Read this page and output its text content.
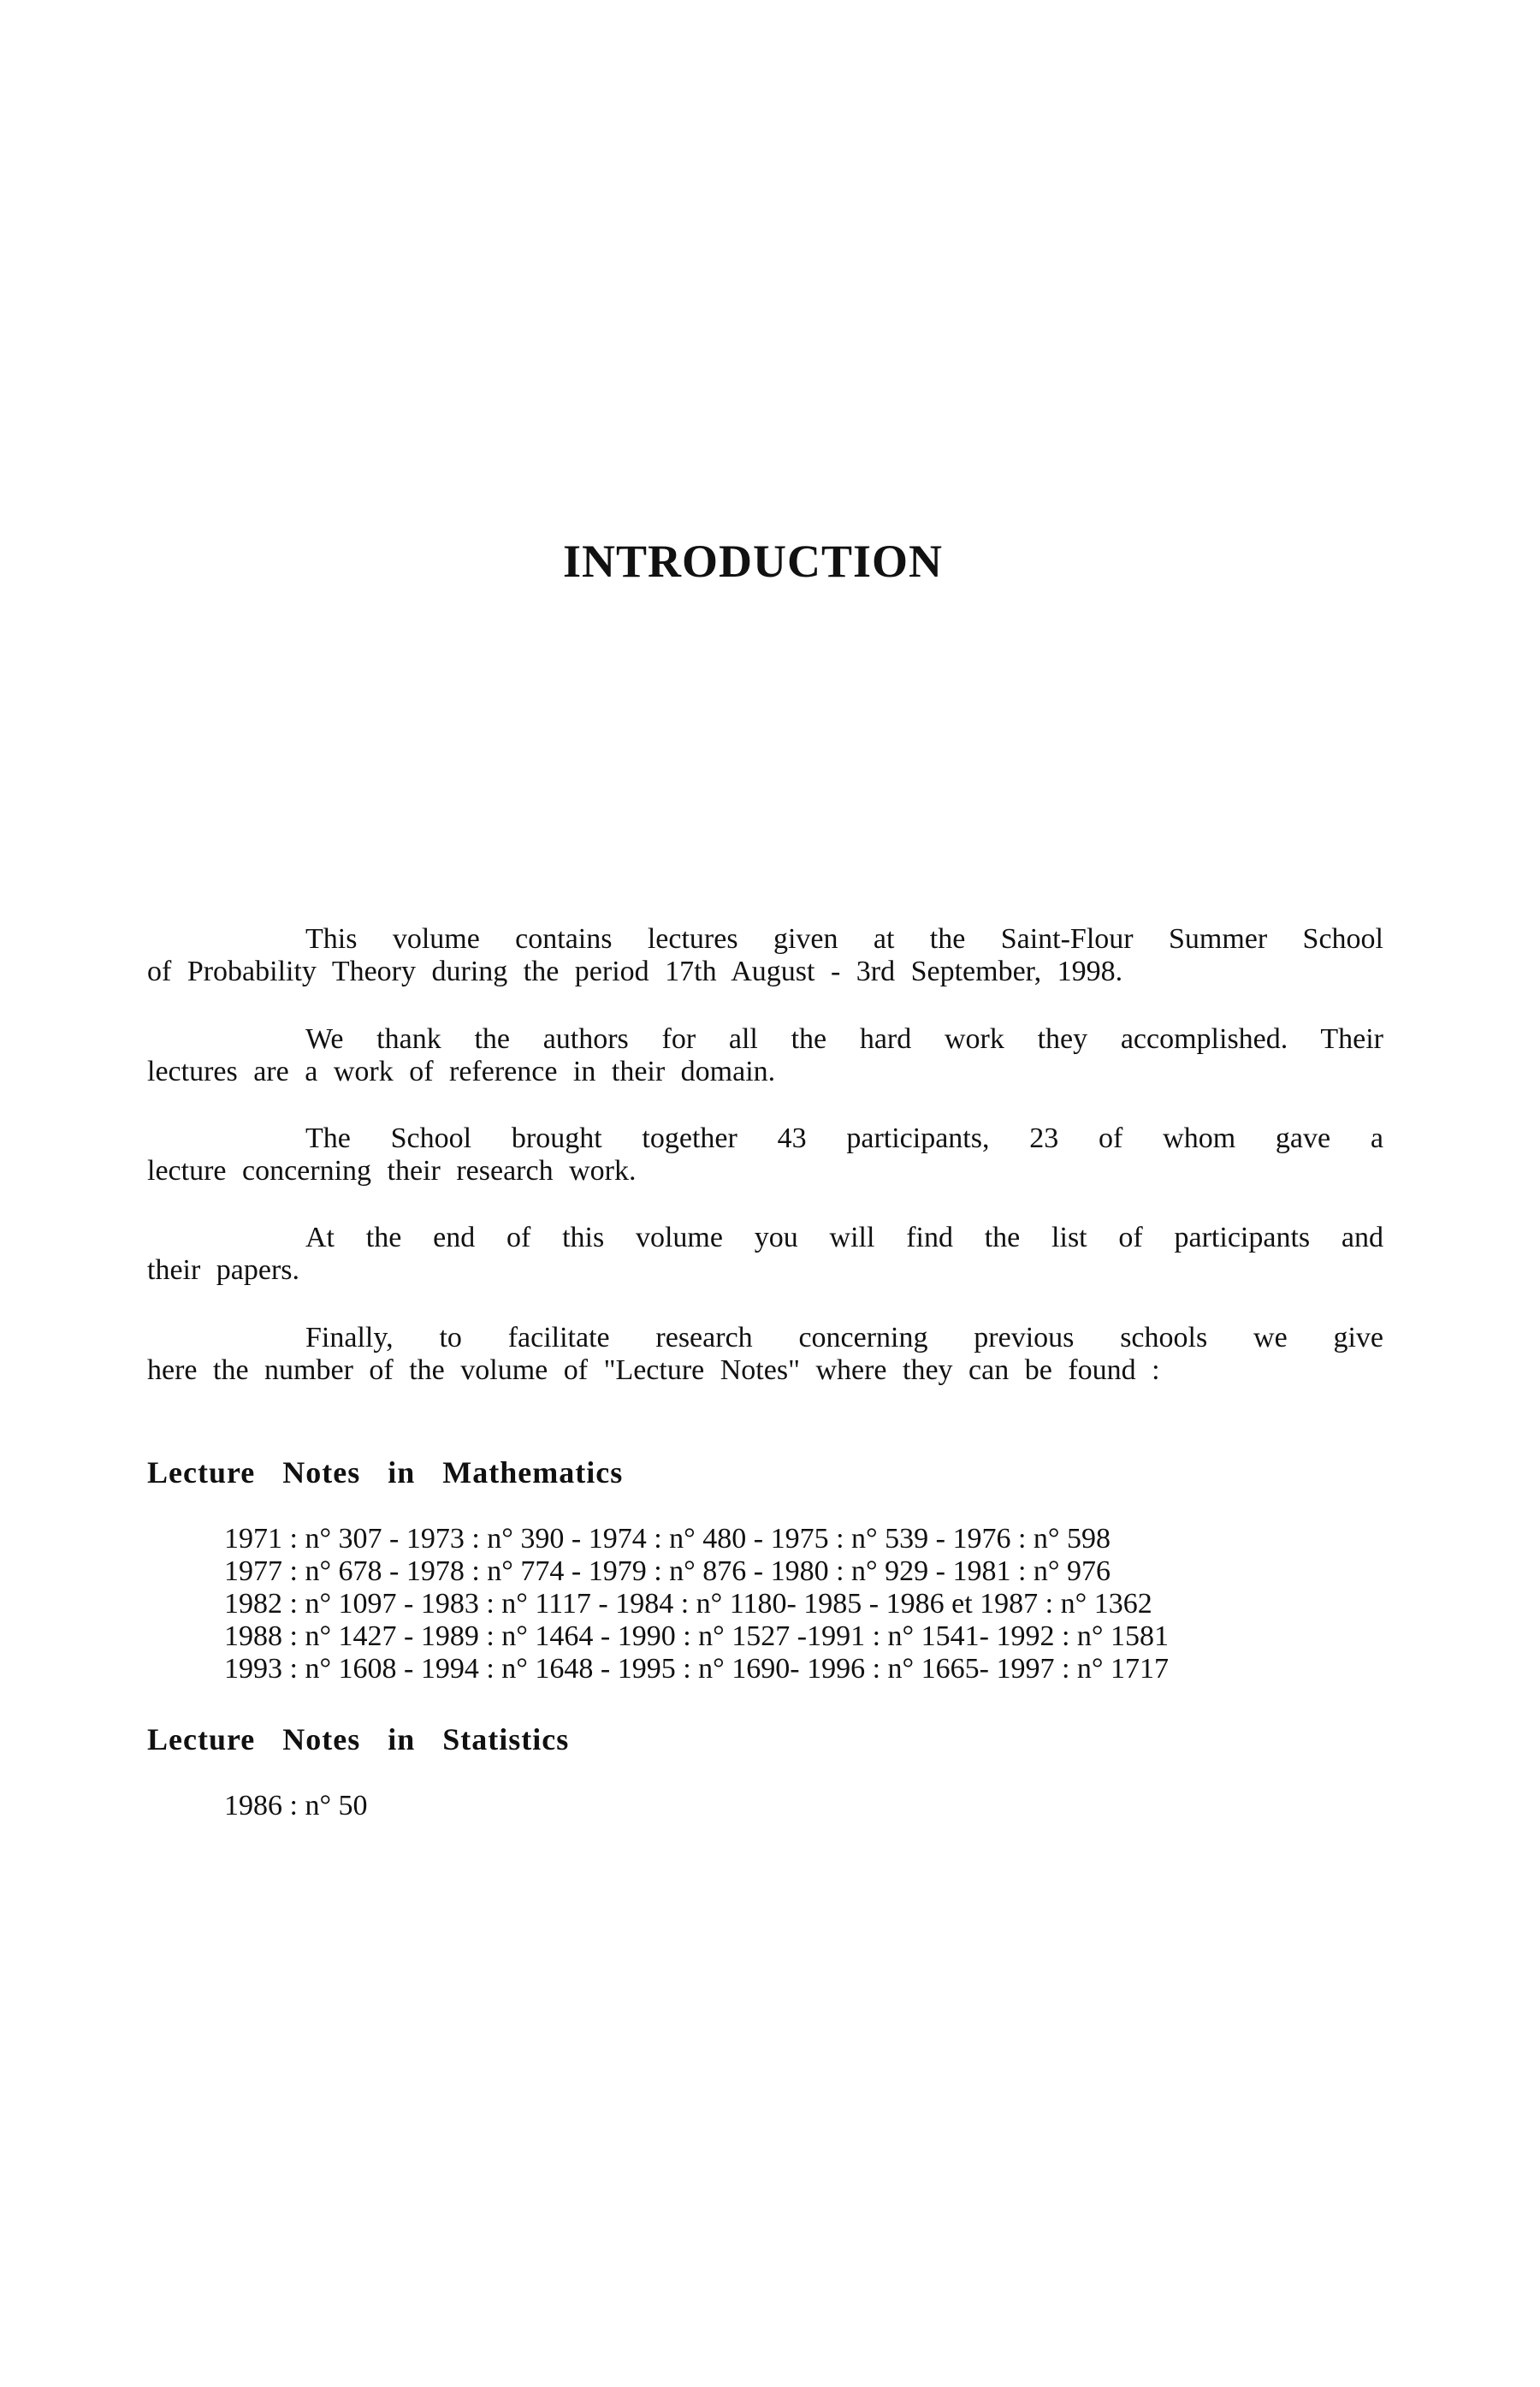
INTRODUCTION
This volume contains lectures given at the Saint-Flour Summer School
of Probability Theory during the period 17th August - 3rd September, 1998.
We thank the authors for all the hard work they accomplished. Their
lectures are a work of reference in their domain.
The School brought together 43 participants, 23 of whom gave a
lecture concerning their research work.
At the end of this volume you will find the list of participants and
their papers.
Finally, to facilitate research concerning previous schools we give
here the number of the volume of "Lecture Notes" where they can be found :
Lecture Notes in Mathematics
1971 : n° 307 - 1973 : n° 390 - 1974 : n° 480 - 1975 : n° 539 - 1976 : n° 598
1977 : n° 678 - 1978 : n° 774 - 1979 : n° 876 - 1980 : n° 929 - 1981 : n° 976
1982 : n° 1097 - 1983 : n° 1117 - 1984 : n° 1180- 1985 - 1986 et 1987 : n° 1362
1988 : n° 1427 - 1989 : n° 1464 - 1990 : n° 1527 -1991 : n° 1541- 1992 : n° 1581
1993 : n° 1608 - 1994 : n° 1648 - 1995 : n° 1690- 1996 : n° 1665- 1997 : n° 1717
Lecture Notes in Statistics
1986 : n° 50
